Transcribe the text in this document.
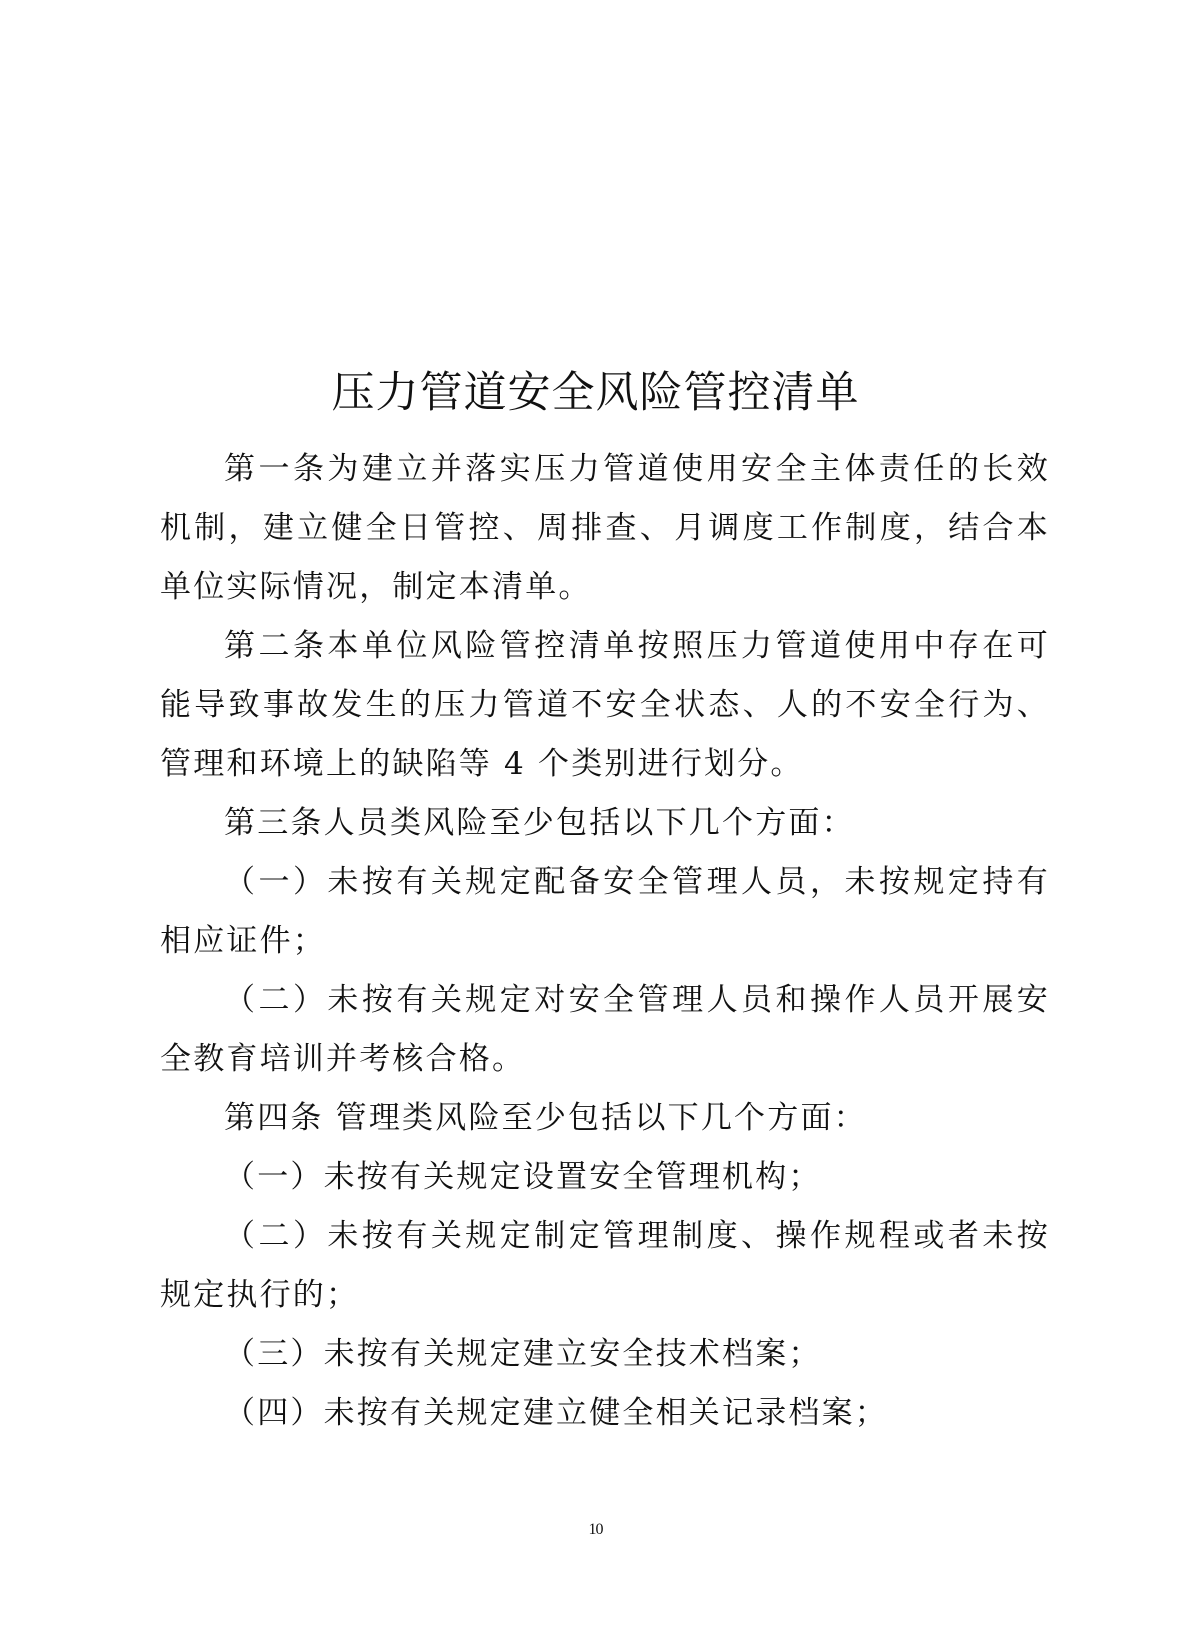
压力管道安全风险管控清单

第一条为建立并落实压力管道使用安全主体责任的长效机制，建立健全日管控、周排查、月调度工作制度，结合本单位实际情况，制定本清单。

第二条本单位风险管控清单按照压力管道使用中存在可能导致事故发生的压力管道不安全状态、人的不安全行为、管理和环境上的缺陷等 4 个类别进行划分。

第三条人员类风险至少包括以下几个方面：

（一）未按有关规定配备安全管理人员，未按规定持有相应证件；

（二）未按有关规定对安全管理人员和操作人员开展安全教育培训并考核合格。

第四条 管理类风险至少包括以下几个方面：

（一）未按有关规定设置安全管理机构；

（二）未按有关规定制定管理制度、操作规程或者未按规定执行的；

（三）未按有关规定建立安全技术档案；

（四）未按有关规定建立健全相关记录档案；

10
